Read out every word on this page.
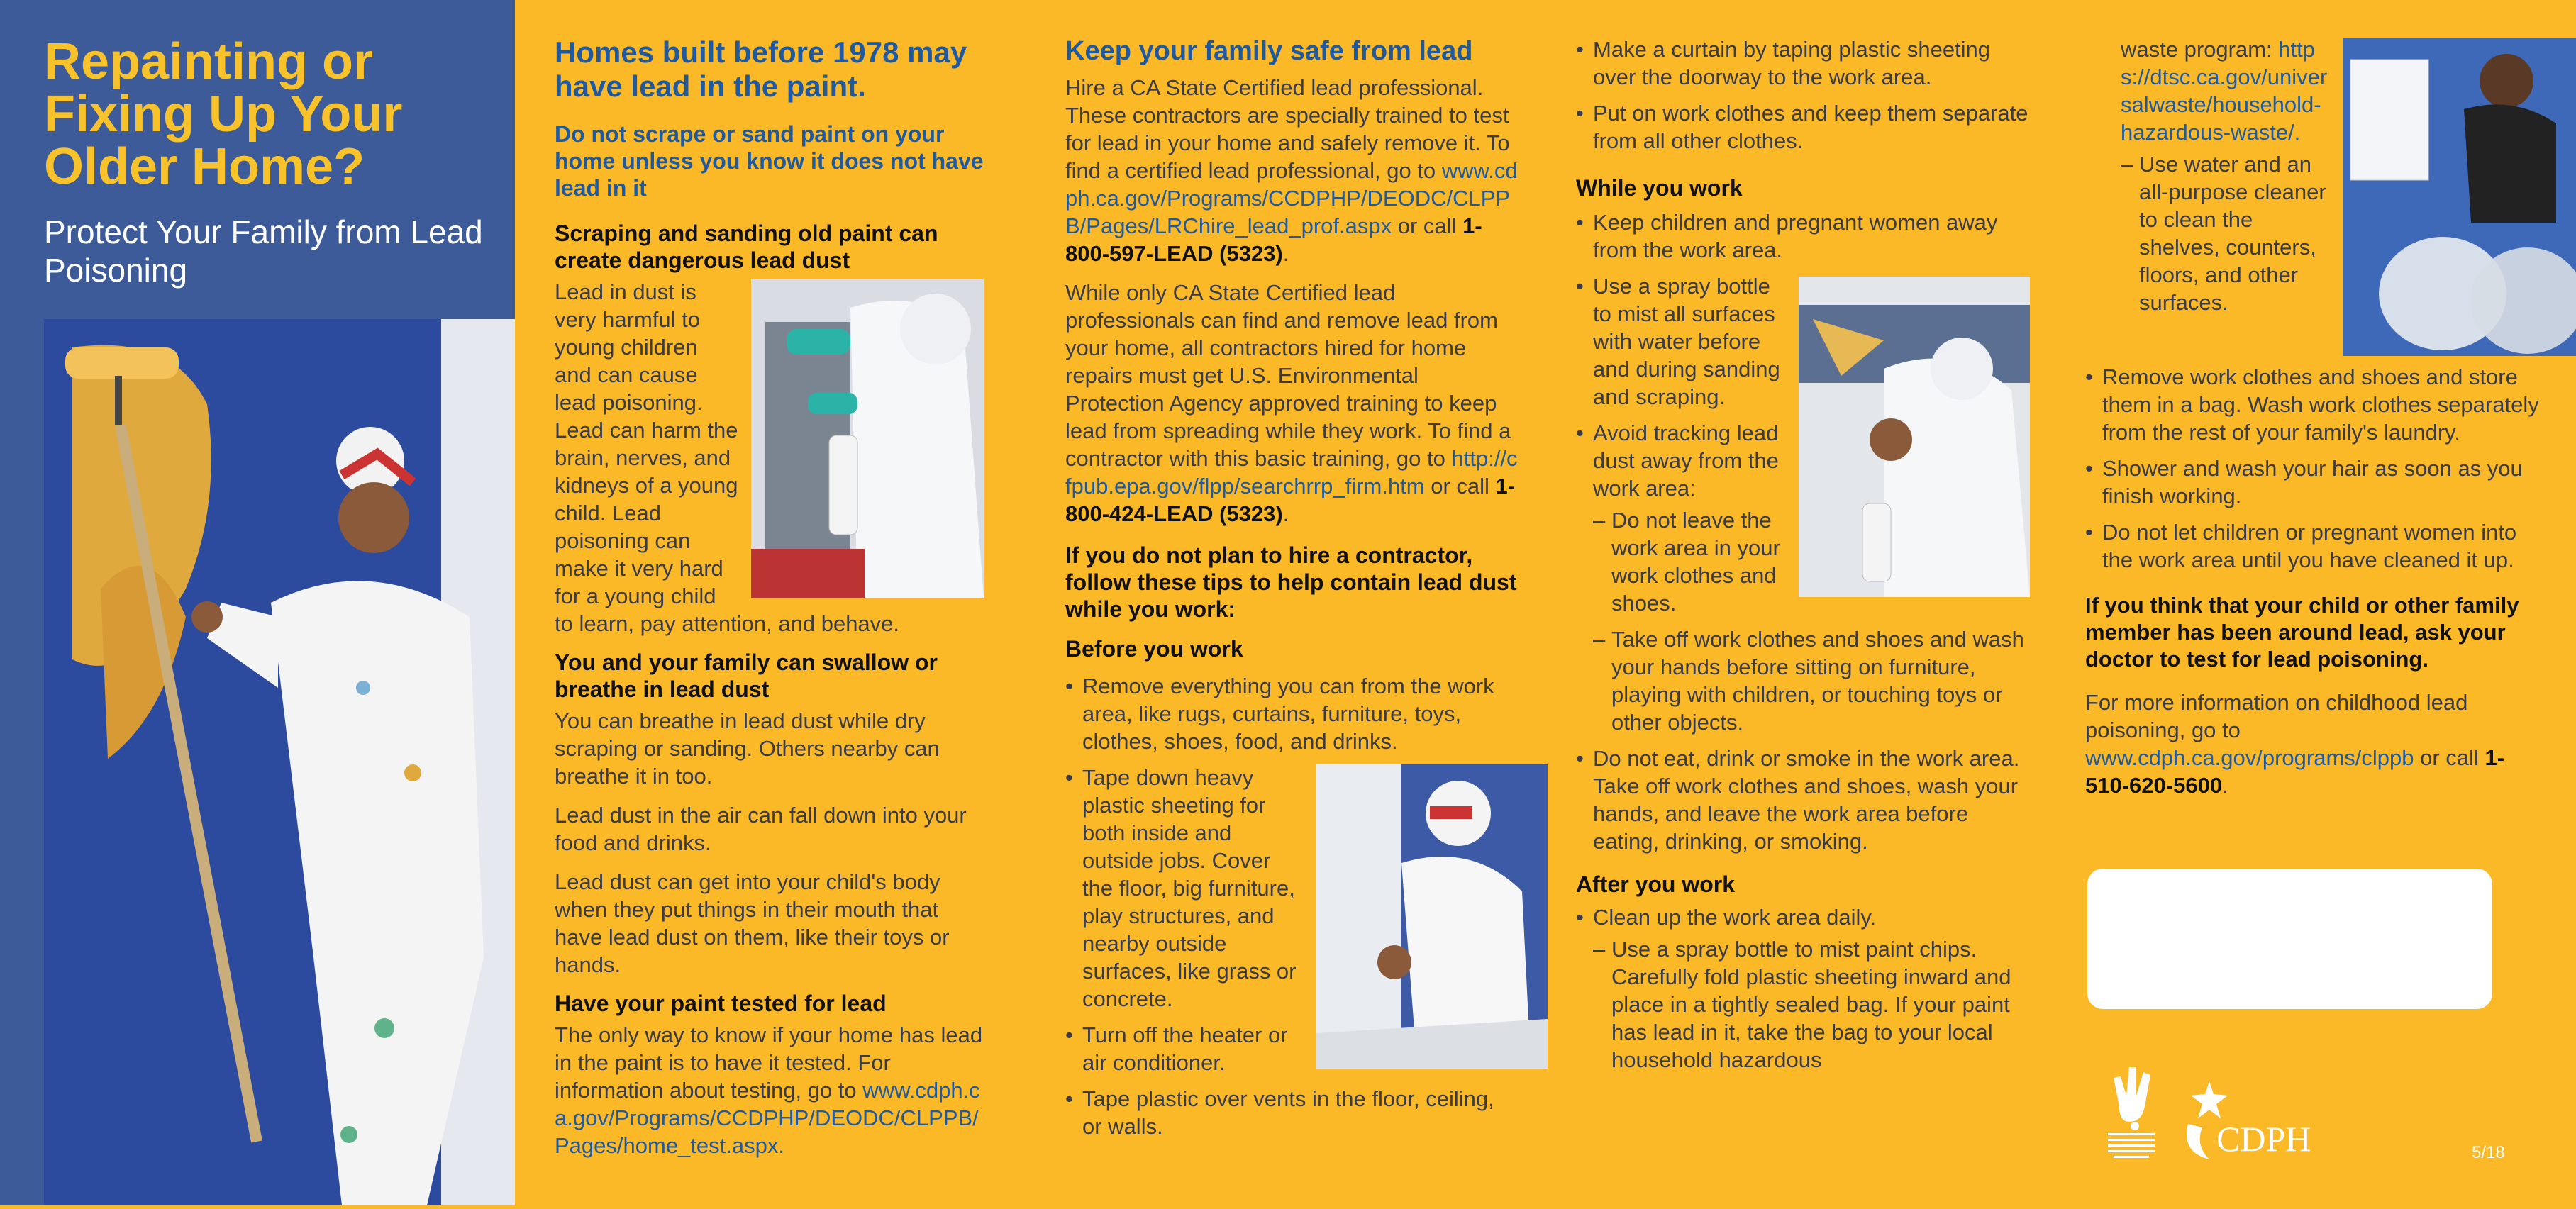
Repainting or Fixing Up Your Older Home?
Protect Your Family from Lead Poisoning
Homes built before 1978 may have lead in the paint.
Do not scrape or sand paint on your home unless you know it does not have lead in it
Scraping and sanding old paint can create dangerous lead dust
Lead in dust is very harmful to young children and can cause lead poisoning. Lead can harm the brain, nerves, and kidneys of a young child. Lead poisoning can make it very hard for a young child to learn, pay attention, and behave.
You and your family can swallow or breathe in lead dust
You can breathe in lead dust while dry scraping or sanding. Others nearby can breathe it in too.
Lead dust in the air can fall down into your food and drinks.
Lead dust can get into your child's body when they put things in their mouth that have lead dust on them, like their toys or hands.
Have your paint tested for lead
The only way to know if your home has lead in the paint is to have it tested. For information about testing, go to www.cdph.ca.gov/Programs/CCDPHP/DEODC/CLPPB/Pages/home_test.aspx.
Keep your family safe from lead
Hire a CA State Certified lead professional. These contractors are specially trained to test for lead in your home and safely remove it. To find a certified lead professional, go to www.cdph.ca.gov/Programs/CCDPHP/DEODC/CLPPB/Pages/LRChire_lead_prof.aspx or call 1-800-597-LEAD (5323).
While only CA State Certified lead professionals can find and remove lead from your home, all contractors hired for home repairs must get U.S. Environmental Protection Agency approved training to keep lead from spreading while they work. To find a contractor with this basic training, go to http://cfpub.epa.gov/flpp/searchrrp_firm.htm or call 1-800-424-LEAD (5323).
If you do not plan to hire a contractor, follow these tips to help contain lead dust while you work:
Before you work
• Remove everything you can from the work area, like rugs, curtains, furniture, toys, clothes, shoes, food, and drinks.
• Tape down heavy plastic sheeting for both inside and outside jobs. Cover the floor, big furniture, play structures, and nearby outside surfaces, like grass or concrete.
• Turn off the heater or air conditioner.
• Tape plastic over vents in the floor, ceiling, or walls.
• Make a curtain by taping plastic sheeting over the doorway to the work area.
• Put on work clothes and keep them separate from all other clothes.
While you work
• Keep children and pregnant women away from the work area.
• Use a spray bottle to mist all surfaces with water before and during sanding and scraping.
• Avoid tracking lead dust away from the work area:
– Do not leave the work area in your work clothes and shoes.
– Take off work clothes and shoes and wash your hands before sitting on furniture, playing with children, or touching toys or other objects.
• Do not eat, drink or smoke in the work area. Take off work clothes and shoes, wash your hands, and leave the work area before eating, drinking, or smoking.
After you work
• Clean up the work area daily.
– Use a spray bottle to mist paint chips. Carefully fold plastic sheeting inward and place in a tightly sealed bag. If your paint has lead in it, take the bag to your local household hazardous
waste program: https://dtsc.ca.gov/universalwaste/household-hazardous-waste/.
– Use water and an all-purpose cleaner to clean the shelves, counters, floors, and other surfaces.
• Remove work clothes and shoes and store them in a bag. Wash work clothes separately from the rest of your family's laundry.
• Shower and wash your hair as soon as you finish working.
• Do not let children or pregnant women into the work area until you have cleaned it up.
If you think that your child or other family member has been around lead, ask your doctor to test for lead poisoning.
For more information on childhood lead poisoning, go to www.cdph.ca.gov/programs/clppb or call 1-510-620-5600.
CDPH	5/18
